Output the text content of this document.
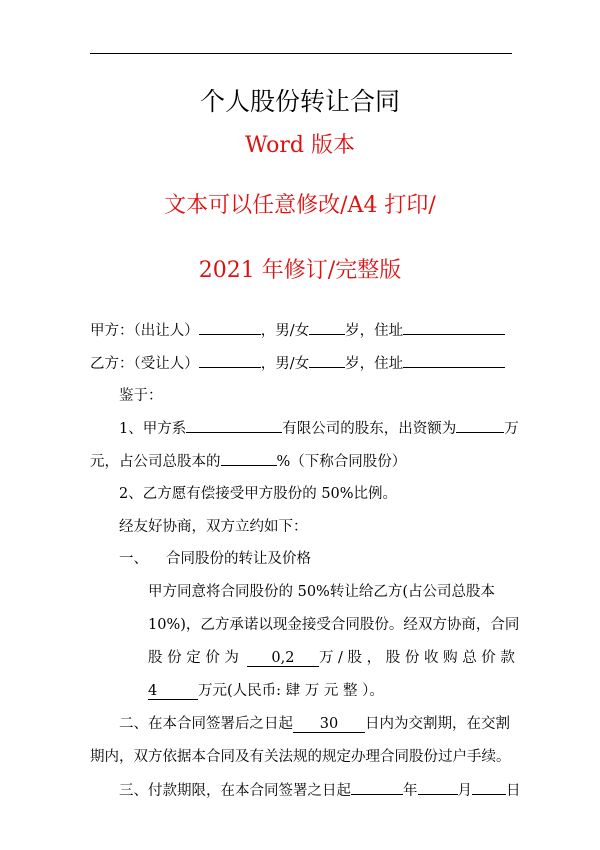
个人股份转让合同
Word 版本
文本可以任意修改/A4 打印/
2021 年修订/完整版
甲方：（出让人）	，男/女 岁，住址
乙方：（受让人）	，男/女 岁，住址
鉴于：
1、甲方系	有限公司的股东，出资额为	万
元，占公司总股本的	%（下称合同股份）
2、乙方愿有偿接受甲方股份的 50%比例。
经友好协商，双方立约如下：
一、 合同股份的转让及价格
甲方同意将合同股份的 50%转让给乙方(占公司总股本
10%)，乙方承诺以现金接受合同股份。经双方协商，合同
股 份 定 价 为 0,2 万 / 股 ， 股 份 收 购 总 价 款
4	万元(人民币: 肆 万 元 整 ）。
二、在本合同签署后之日起 30 日内为交割期，在交割
期内，双方依据本合同及有关法规的规定办理合同股份过户手续。
三、付款期限，在本合同签署之日起	年	月 日
